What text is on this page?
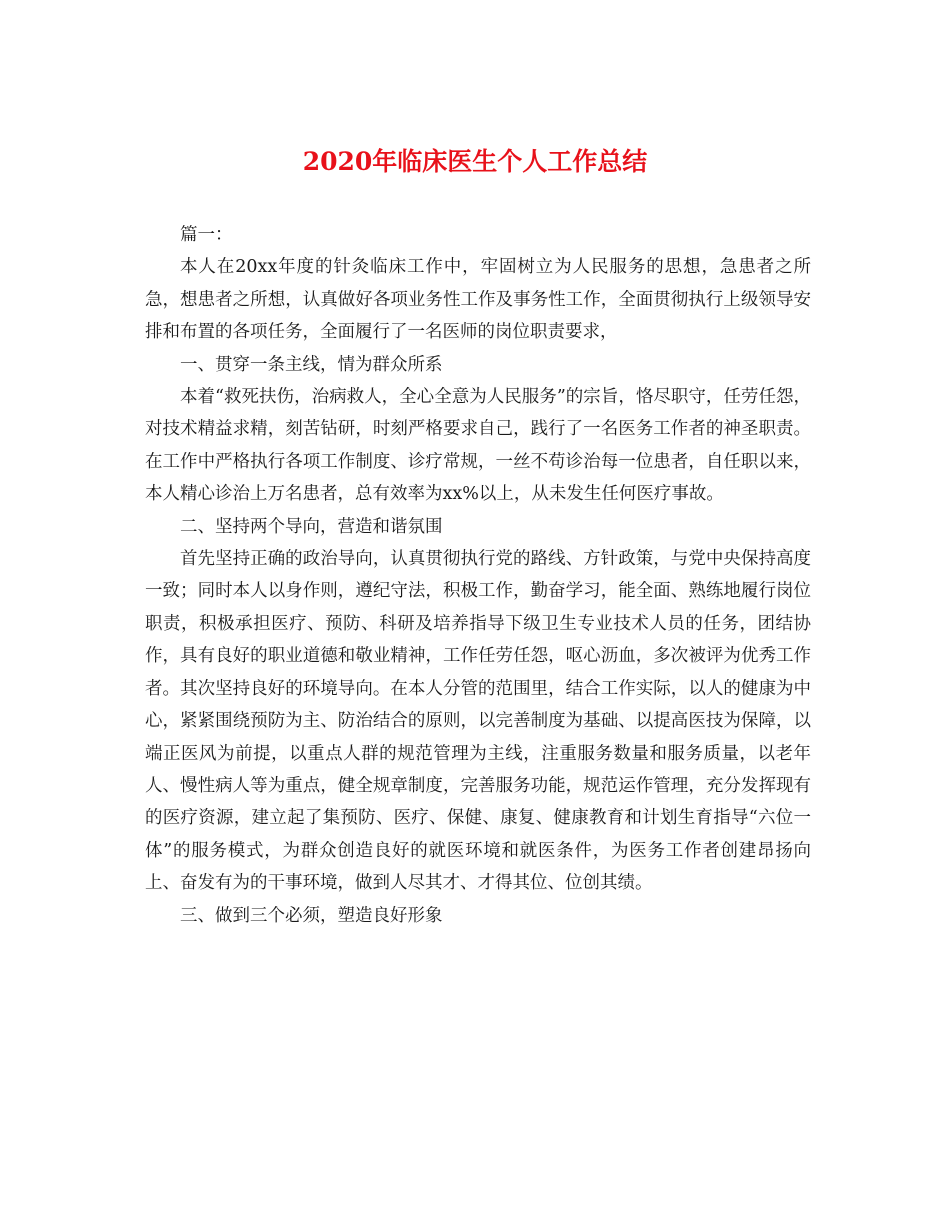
2020年临床医生个人工作总结

篇一：

本人在20xx年度的针灸临床工作中，牢固树立为人民服务的思想，急患者之所急，想患者之所想，认真做好各项业务性工作及事务性工作，全面贯彻执行上级领导安排和布置的各项任务，全面履行了一名医师的岗位职责要求，

一、贯穿一条主线，情为群众所系

本着“救死扶伤，治病救人，全心全意为人民服务”的宗旨，恪尽职守，任劳任怨，对技术精益求精，刻苦钻研，时刻严格要求自己，践行了一名医务工作者的神圣职责。在工作中严格执行各项工作制度、诊疗常规，一丝不苟诊治每一位患者，自任职以来，本人精心诊治上万名患者，总有效率为xx%以上，从未发生任何医疗事故。

二、坚持两个导向，营造和谐氛围

首先坚持正确的政治导向，认真贯彻执行党的路线、方针政策，与党中央保持高度一致；同时本人以身作则，遵纪守法，积极工作，勤奋学习，能全面、熟练地履行岗位职责，积极承担医疗、预防、科研及培养指导下级卫生专业技术人员的任务，团结协作，具有良好的职业道德和敬业精神，工作任劳任怨，呕心沥血，多次被评为优秀工作者。其次坚持良好的环境导向。在本人分管的范围里，结合工作实际，以人的健康为中心，紧紧围绕预防为主、防治结合的原则，以完善制度为基础、以提高医技为保障，以端正医风为前提，以重点人群的规范管理为主线，注重服务数量和服务质量，以老年人、慢性病人等为重点，健全规章制度，完善服务功能，规范运作管理，充分发挥现有的医疗资源，建立起了集预防、医疗、保健、康复、健康教育和计划生育指导“六位一体”的服务模式，为群众创造良好的就医环境和就医条件，为医务工作者创建昂扬向上、奋发有为的干事环境，做到人尽其才、才得其位、位创其绩。

三、做到三个必须，塑造良好形象
